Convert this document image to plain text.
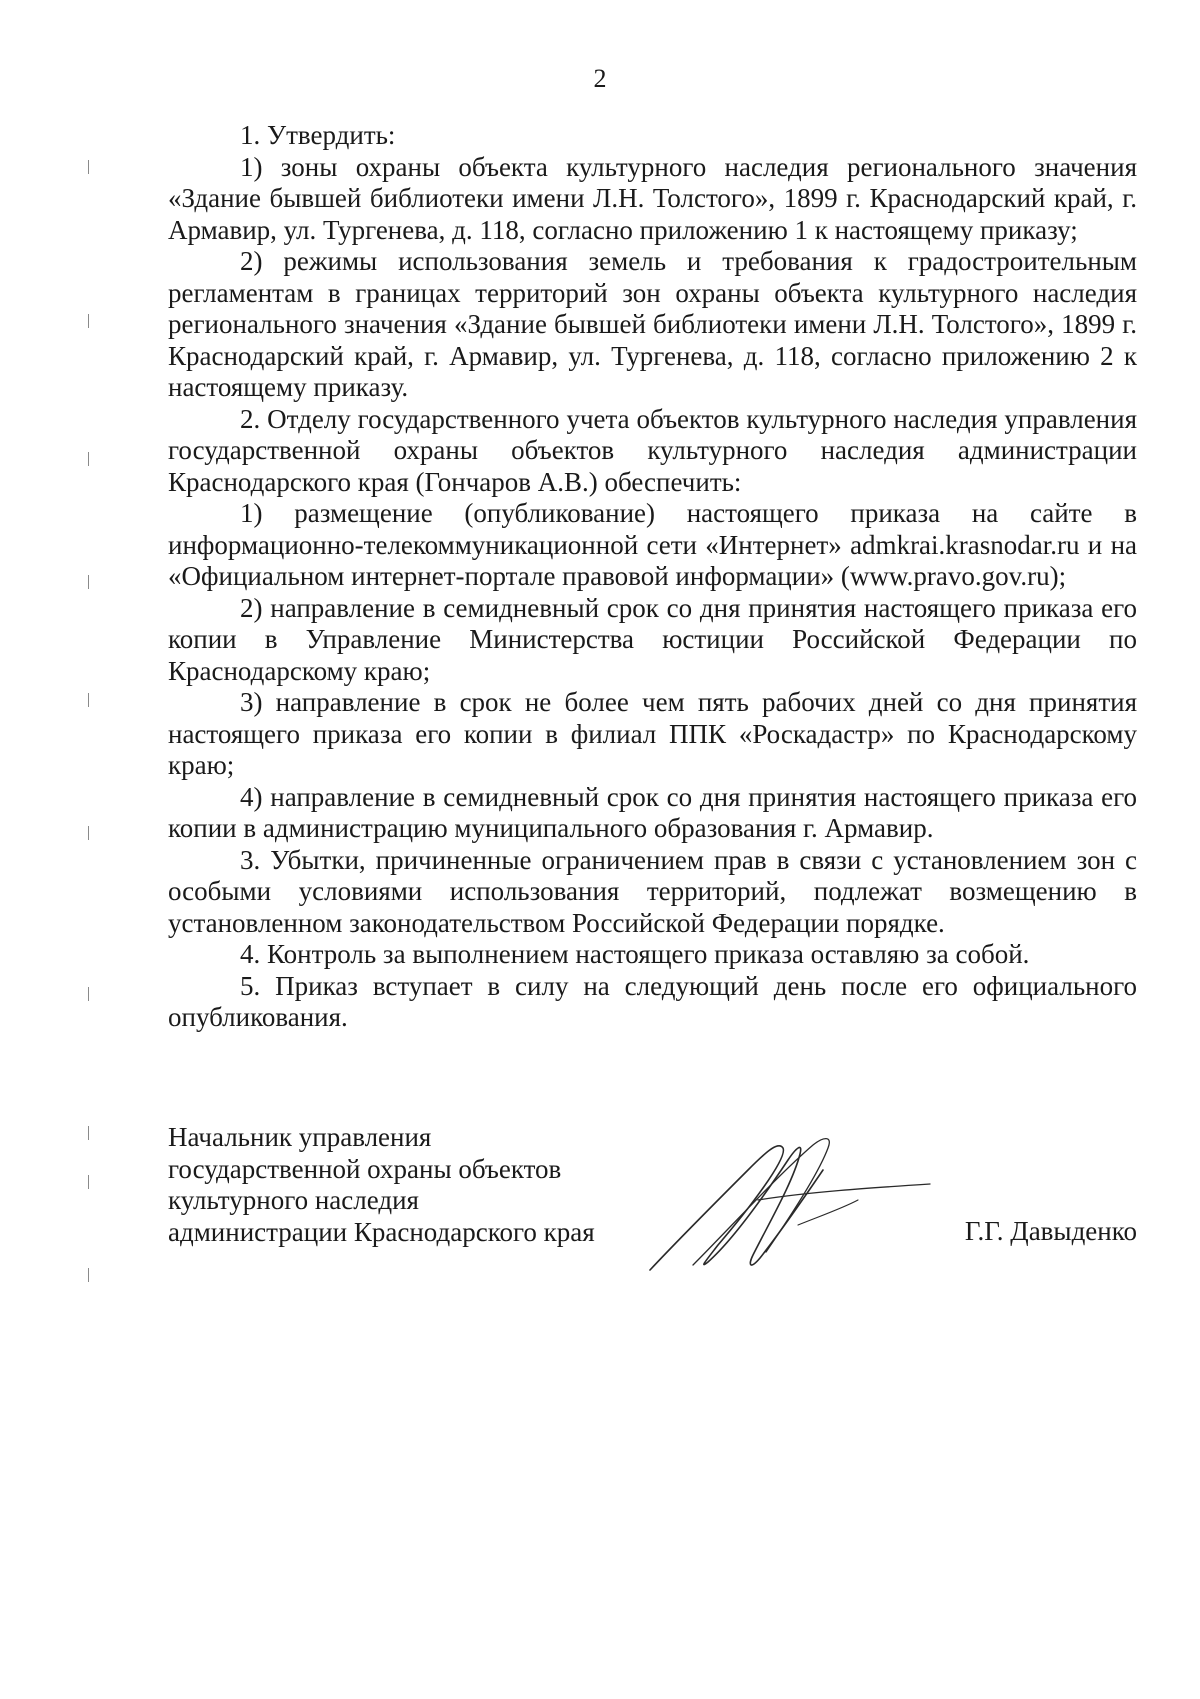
2

1. Утвердить:

1) зоны охраны объекта культурного наследия регионального значения «Здание бывшей библиотеки имени Л.Н. Толстого», 1899 г. Краснодарский край, г. Армавир, ул. Тургенева, д. 118, согласно приложению 1 к настоящему приказу;

2) режимы использования земель и требования к градостроительным регламентам в границах территорий зон охраны объекта культурного наследия регионального значения «Здание бывшей библиотеки имени Л.Н. Толстого», 1899 г. Краснодарский край, г. Армавир, ул. Тургенева, д. 118, согласно приложению 2 к настоящему приказу.

2. Отделу государственного учета объектов культурного наследия управления государственной охраны объектов культурного наследия администрации Краснодарского края (Гончаров А.В.) обеспечить:

1) размещение (опубликование) настоящего приказа на сайте в информационно-телекоммуникационной сети «Интернет» admkrai.krasnodar.ru и на «Официальном интернет-портале правовой информации» (www.pravo.gov.ru);

2) направление в семидневный срок со дня принятия настоящего приказа его копии в Управление Министерства юстиции Российской Федерации по Краснодарскому краю;

3) направление в срок не более чем пять рабочих дней со дня принятия настоящего приказа его копии в филиал ППК «Роскадастр» по Краснодарскому краю;

4) направление в семидневный срок со дня принятия настоящего приказа его копии в администрацию муниципального образования г. Армавир.

3. Убытки, причиненные ограничением прав в связи с установлением зон с особыми условиями использования территорий, подлежат возмещению в установленном законодательством Российской Федерации порядке.

4. Контроль за выполнением настоящего приказа оставляю за собой.

5. Приказ вступает в силу на следующий день после его официального опубликования.

Начальник управления
государственной охраны объектов
культурного наследия
администрации Краснодарского края	Г.Г. Давыденко
